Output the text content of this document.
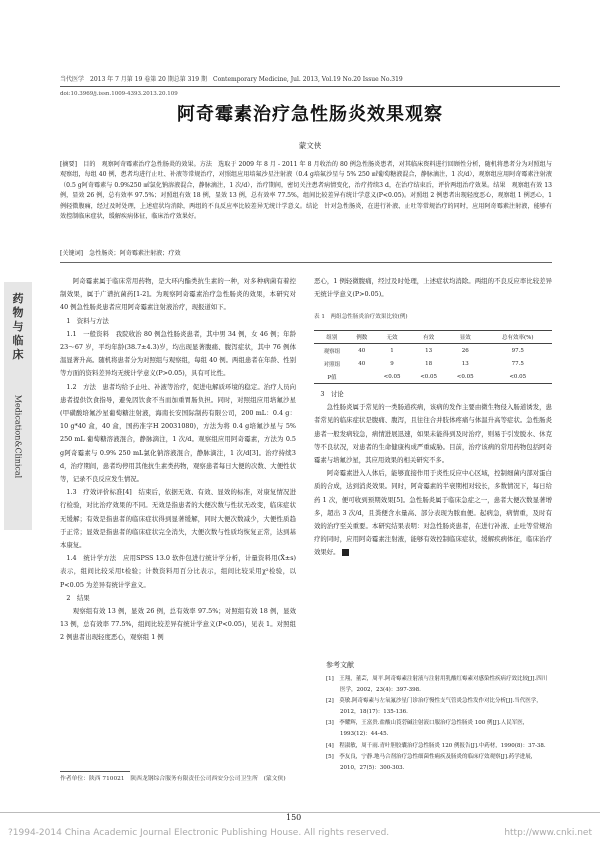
当代医学　2013 年 7 月第 19 卷第 20 期总第 319 期　Contemporary Medicine, Jul. 2013, Vol.19 No.20 Issue No.319
doi:10.3969/j.issn.1009-4393.2013.20.109
阿奇霉素治疗急性肠炎效果观察
蒙文侠
[摘要]　目的　观察阿奇霉素治疗急性肠炎的效果。方法　选取于 2009 年 8 月 - 2011 年 8 月收治的 80 例急性肠炎患者，对其临床资料进行回顾性分析，随机将患者分为对照组与观察组，每组 40 例，患者均进行止吐、补液等常规治疗，对照组应用培氟沙星注射液（0.4 g培氟沙星与 5% 250 ㎖葡萄糖液混合，静脉滴注，1 次/d），观察组应用阿奇霉素注射液（0.5 g阿奇霉素与 0.9%250 ㎖氯化钠溶液混合，静脉滴注，1 次/d），治疗期间，密切关注患者病情变化，治疗持续3 d，在治疗结束后，评价两组治疗效果。结果　观察组有效 13 例，显效 26 例，总有效率 97.5%；对照组有效 18 例，显效 13 例，总有效率 77.5%，组间比较差异有统计学意义(P<0.05)。对照组 2 例患者出现轻度恶心，观察组 1 例恶心，1 例轻微腹痛，经过及时处理，上述症状均消除，两组的不良反应率比较差异无统计学意义。结论　针对急性肠炎，在进行补液、止吐等常规治疗的同时，应用阿奇霉素注射液，能够有效控制临床症状，缓解疾病体征，临床治疗效果好。
[关键词]　急性肠炎；阿奇霉素注射液；疗效
药
物
与
临
床
Medication&Clinical

阿奇霉素属于临床常用药物，是大环内酯类抗生素的一种，对多种病菌有着控制效果，属于广谱抗菌药[1-2]。为观察阿奇霉素治疗急性肠炎的效果，本研究对 40 例急性肠炎患者应用阿奇霉素注射液治疗，现报道如下。

1　资料与方法

1.1　一般资料　我院收治 80 例急性肠炎患者，其中男 34 例，女 46 例；年龄 23～67 岁，平均年龄(38.7±4.3)岁，均出现显著腹痛、腹泻症状，其中 76 例体温显著升高。随机将患者分为对照组与观察组，每组 40 例。两组患者在年龄、性别等方面的资料差异均无统计学意义(P>0.05)，具有可比性。

1.2　方法　患者均给予止吐、补液等治疗，促进电解质环境的稳定。治疗人员向患者提供饮食指导，避免因饮食不当而加重胃肠负担。同时，对照组应用培氟沙星(甲磺酸培氟沙星葡萄糖注射液，海南长安国际制药有限公司，200 mL：0.4 g：10 g*40 盒，40 盒，国药准字H 20031080)，方法为将 0.4 g培氟沙星与 5% 250 mL 葡萄糖溶液混合，静脉滴注，1 次/d。观察组应用阿奇霉素，方法为 0.5 g阿奇霉素与 0.9% 250 mL氯化钠溶液混合，静脉滴注，1 次/d[3]。治疗持续3 d，治疗期间，患者均停用其他抗生素类药物，观察患者每日大便的次数、大便性状等，记录不良反应发生情况。

1.3　疗效评价标准[4]　结束后，依据无效、有效、显效的标准，对康复情况进行检验，对比治疗效果的不同。无效是指患者的大便次数与性状无改变，临床症状无缓解；有效是指患者的临床症状得到显著缓解，同时大便次数减少，大便性质趋于正常；显效是指患者的临床症状完全消失，大便次数与性质均恢复正常，达到基本康复。

1.4　统计学方法　应用SPSS 13.0 软件包进行统计学分析，计量资料用(X̄±s)表示，组间比较采用t检验；计数资料用百分比表示，组间比较采用χ²检验，以P<0.05 为差异有统计学意义。

2　结果

观察组有效 13 例，显效 26 例，总有效率 97.5%；对照组有效 18 例，显效 13 例，总有效率 77.5%，组间比较差异有统计学意义(P<0.05)，见表 1。对照组 2 例患者出现轻度恶心，观察组 1 例

恶心，1 例轻微腹痛，经过及时处理，上述症状均消除。两组的不良反应率比较差异无统计学意义(P>0.05)。
表 1　两组急性肠炎治疗效果比较(例)
组别	例数	无效	有效	显效	总有效率(%)
观察组	40	1	13	26	97.5
对照组	40	9	18	13	77.5
P值		<0.05	<0.05	<0.05	<0.05

3　讨论

急性肠炎属于常见的一类肠道疾病，该病的发作主要由微生物侵入肠道诱发，患者常见的临床症状是腹痛、腹泻，且往往合并肢体疼痛与体温升高等症状。急性肠炎患者一般发病较急，病情进展迅速，如果未能得到及时治疗，则易于引发脱水、休克等不良状况，对患者的生命健康构成严重威胁。目前，治疗该病的常用药物包括阿奇霉素与培氟沙星，其应用效果的相关研究不多。

阿奇霉素进入人体后，能够直接作用于炎性反应中心区域，控制细菌内部对蛋白质的合成，达到消炎效果。同时，阿奇霉素的半衰期相对较长，多数情况下，每日给药 1 次，便可收到预期效果[5]。急性肠炎属于临床急症之一，患者大便次数显著增多，超出 3 次/d，且粪便含水量高、部分表现为脓血便。起病急，病情重，及时有效的治疗至关重要。本研究结果表明：对急性肠炎患者，在进行补液、止吐等常规治疗的同时，应用阿奇霉素注射液，能够有效控制临床症状，缓解疾病体征，临床治疗效果好。

参考文献
[1]　王翔，董芸，周平.阿奇霉素注射液与注射用乳酸红霉素对感染性疾病疗效比较[J].四川医学，2002，23(4)：397-398.
[2]　莫敏.阿奇霉素与左氧氟沙星门诊治疗慢性支气管炎急性发作对比分析[J].当代医学，2012，18(17)：135-136.
[3]　李耀辉，王富贵.盐酸山莨菪碱注射液口服治疗急性肠炎 100 例[J].人民军医，1993(12)：44-45.
[4]　程淑敏，周千雨.青叶胆胶囊治疗急性肠炎 120 例报告[J].中药材，1990(8)：37-38.
[5]　李友良，宁静.地马合剂治疗急性细菌性痢疾及肠炎的临床疗效观察[J].药学进展，2010，27(5)：300-303.
作者单位：陕西 710021　陕西龙钢综合服务有限责任公司西安分公司卫生所　(蒙文侠)
150
?1994-2014 China Academic Journal Electronic Publishing House. All rights reserved.	http://www.cnki.net
